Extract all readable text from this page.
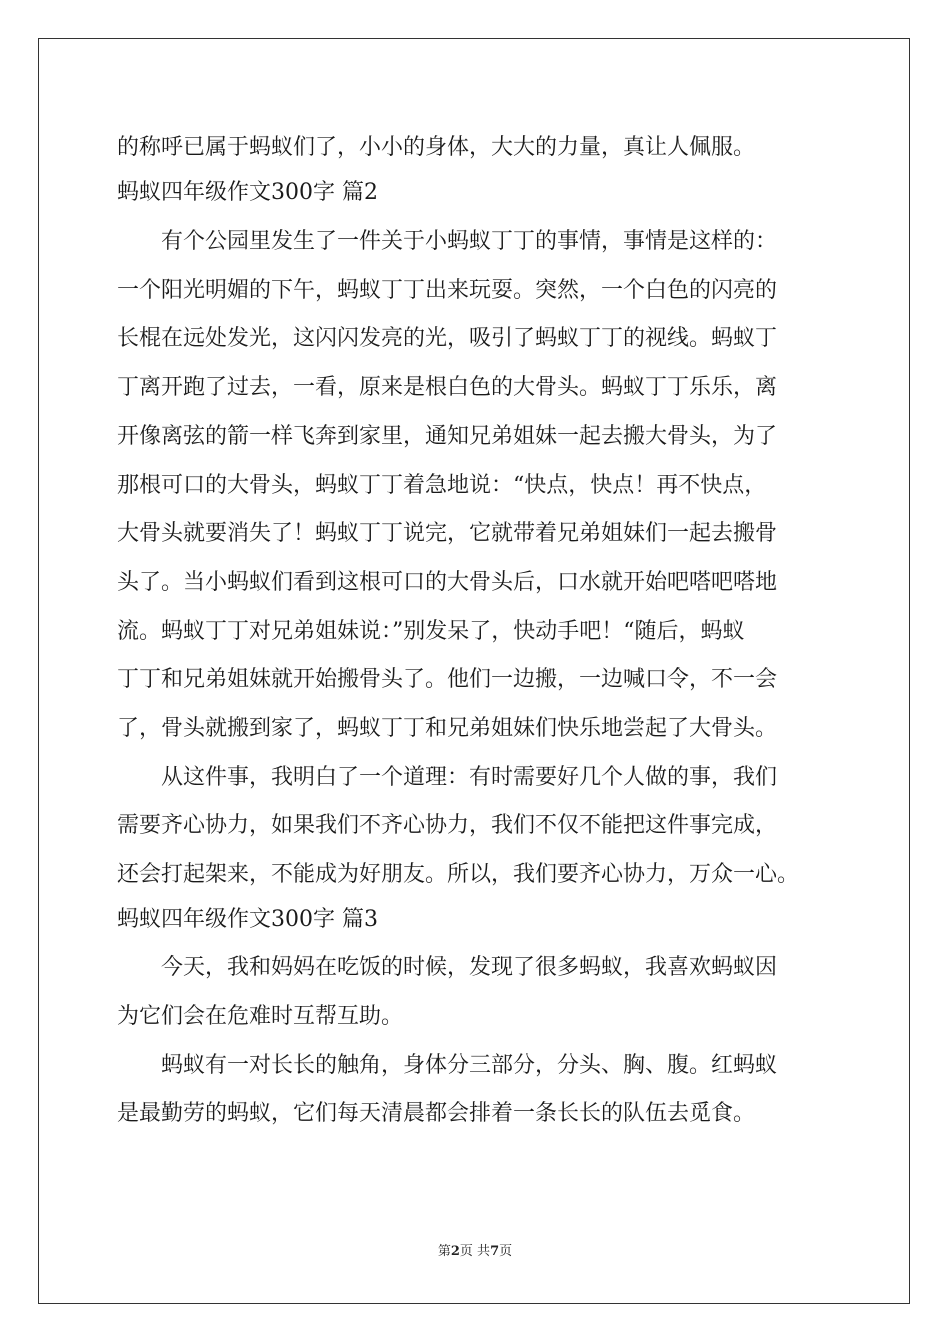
的称呼已属于蚂蚁们了，小小的身体，大大的力量，真让人佩服。
蚂蚁四年级作文300字 篇2
有个公园里发生了一件关于小蚂蚁丁丁的事情，事情是这样的：
一个阳光明媚的下午，蚂蚁丁丁出来玩耍。突然，一个白色的闪亮的
长棍在远处发光，这闪闪发亮的光，吸引了蚂蚁丁丁的视线。蚂蚁丁
丁离开跑了过去，一看，原来是根白色的大骨头。蚂蚁丁丁乐乐，离
开像离弦的箭一样飞奔到家里，通知兄弟姐妹一起去搬大骨头，为了
那根可口的大骨头，蚂蚁丁丁着急地说：“快点，快点！再不快点，
大骨头就要消失了！蚂蚁丁丁说完，它就带着兄弟姐妹们一起去搬骨
头了。当小蚂蚁们看到这根可口的大骨头后，口水就开始吧嗒吧嗒地
流。蚂蚁丁丁对兄弟姐妹说：”别发呆了，快动手吧！“随后，蚂蚁
丁丁和兄弟姐妹就开始搬骨头了。他们一边搬，一边喊口令，不一会
了，骨头就搬到家了，蚂蚁丁丁和兄弟姐妹们快乐地尝起了大骨头。
从这件事，我明白了一个道理：有时需要好几个人做的事，我们
需要齐心协力，如果我们不齐心协力，我们不仅不能把这件事完成，
还会打起架来，不能成为好朋友。所以，我们要齐心协力，万众一心。
蚂蚁四年级作文300字 篇3
今天，我和妈妈在吃饭的时候，发现了很多蚂蚁，我喜欢蚂蚁因
为它们会在危难时互帮互助。
蚂蚁有一对长长的触角，身体分三部分，分头、胸、腹。红蚂蚁
是最勤劳的蚂蚁，它们每天清晨都会排着一条长长的队伍去觅食。
第2页 共7页
